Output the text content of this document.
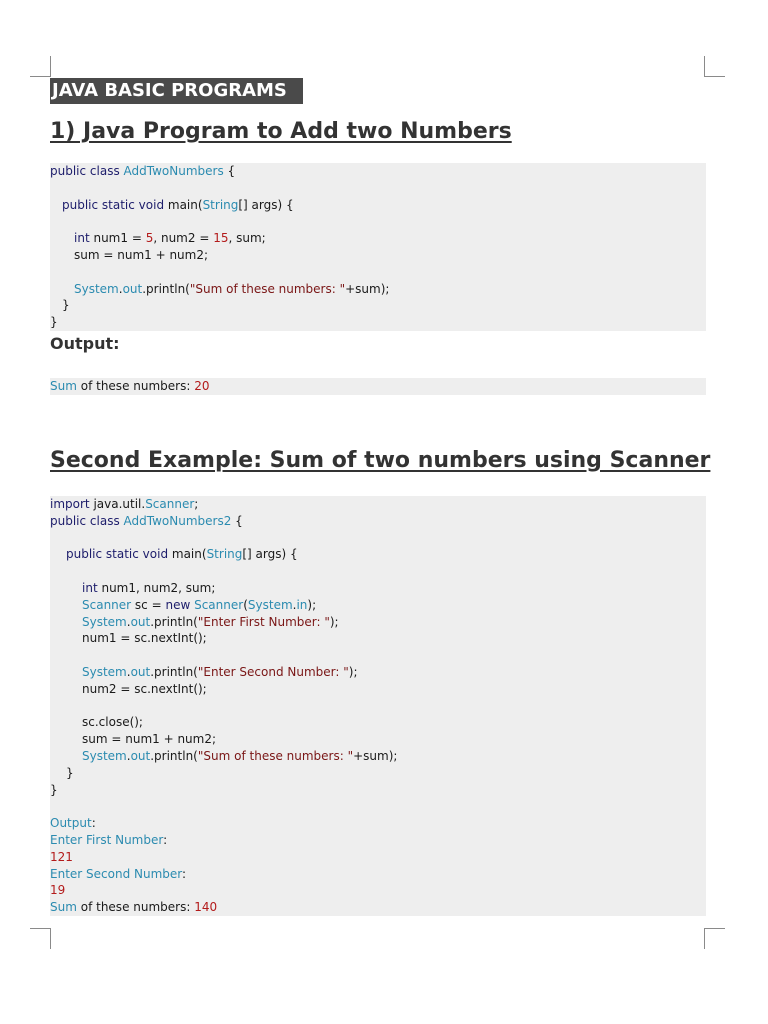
JAVA BASIC PROGRAMS
1) Java Program to Add two Numbers
public class AddTwoNumbers {
public static void main(String[] args) {
int num1 = 5, num2 = 15, sum;
sum = num1 + num2;
System.out.println("Sum of these numbers: "+sum);
}
}
Output:
Sum of these numbers: 20
Second Example: Sum of two numbers using Scanner
import java.util.Scanner;
public class AddTwoNumbers2 {
public static void main(String[] args) {
int num1, num2, sum;
Scanner sc = new Scanner(System.in);
System.out.println("Enter First Number: ");
num1 = sc.nextInt();
System.out.println("Enter Second Number: ");
num2 = sc.nextInt();
sc.close();
sum = num1 + num2;
System.out.println("Sum of these numbers: "+sum);
}
}
Output:
Enter First Number:
121
Enter Second Number:
19
Sum of these numbers: 140
